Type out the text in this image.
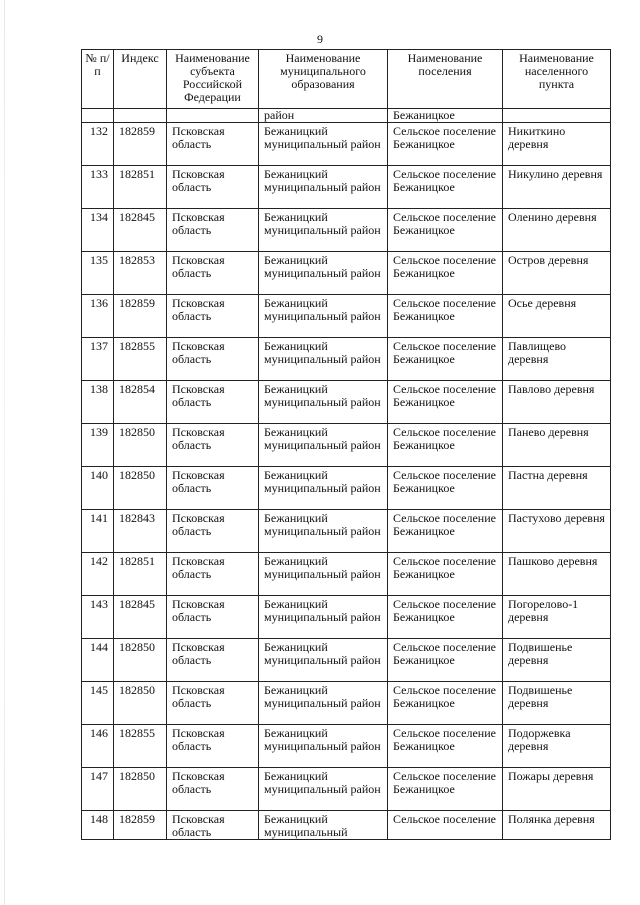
9
№ п/п	Индекс	Наименование субъекта Российской Федерации	Наименование муниципального образования	Наименование поселения	Наименование населенного пункта
			район	Бежаницкое	
132	182859	Псковская область	Бежаницкий муниципальный район	Сельское поселение Бежаницкое	Никиткино деревня
133	182851	Псковская область	Бежаницкий муниципальный район	Сельское поселение Бежаницкое	Никулино деревня
134	182845	Псковская область	Бежаницкий муниципальный район	Сельское поселение Бежаницкое	Оленино деревня
135	182853	Псковская область	Бежаницкий муниципальный район	Сельское поселение Бежаницкое	Остров деревня
136	182859	Псковская область	Бежаницкий муниципальный район	Сельское поселение Бежаницкое	Осье деревня
137	182855	Псковская область	Бежаницкий муниципальный район	Сельское поселение Бежаницкое	Павлищево деревня
138	182854	Псковская область	Бежаницкий муниципальный район	Сельское поселение Бежаницкое	Павлово деревня
139	182850	Псковская область	Бежаницкий муниципальный район	Сельское поселение Бежаницкое	Панево деревня
140	182850	Псковская область	Бежаницкий муниципальный район	Сельское поселение Бежаницкое	Пастна деревня
141	182843	Псковская область	Бежаницкий муниципальный район	Сельское поселение Бежаницкое	Пастухово деревня
142	182851	Псковская область	Бежаницкий муниципальный район	Сельское поселение Бежаницкое	Пашково деревня
143	182845	Псковская область	Бежаницкий муниципальный район	Сельское поселение Бежаницкое	Погорелово-1 деревня
144	182850	Псковская область	Бежаницкий муниципальный район	Сельское поселение Бежаницкое	Подвишенье деревня
145	182850	Псковская область	Бежаницкий муниципальный район	Сельское поселение Бежаницкое	Подвишенье деревня
146	182855	Псковская область	Бежаницкий муниципальный район	Сельское поселение Бежаницкое	Подоржевка деревня
147	182850	Псковская область	Бежаницкий муниципальный район	Сельское поселение Бежаницкое	Пожары деревня
148	182859	Псковская область	Бежаницкий муниципальный	Сельское поселение	Полянка деревня
